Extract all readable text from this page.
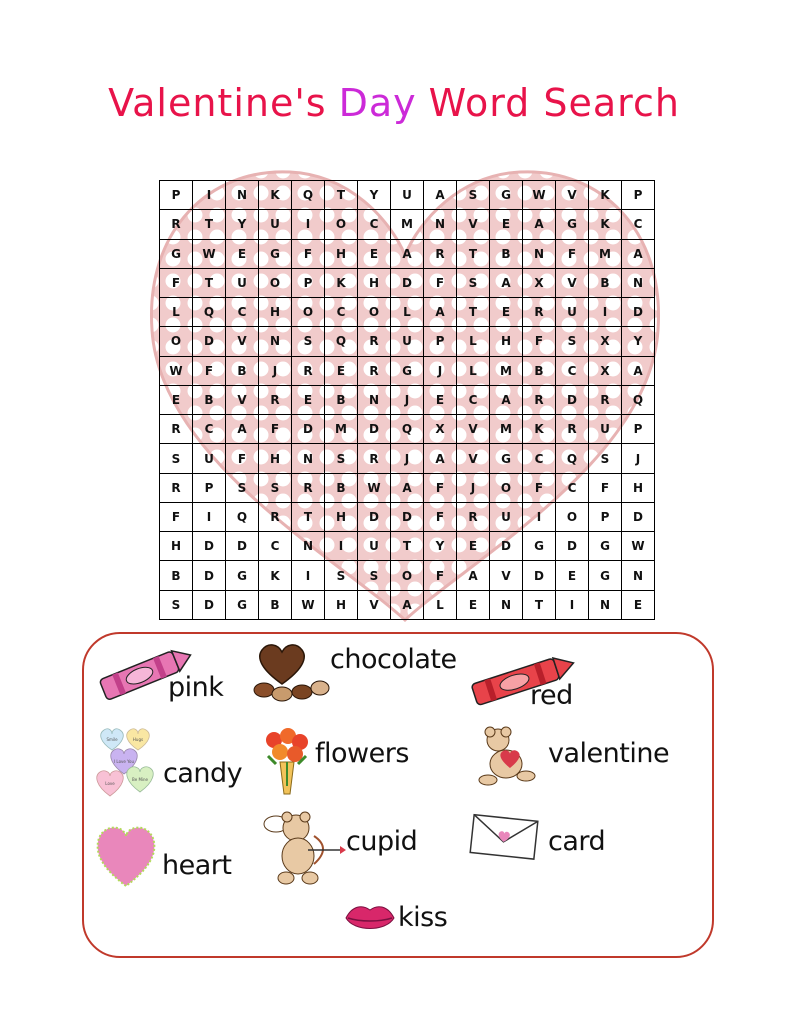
Valentine's Day Word Search
P	I	N	K	Q	T	Y	U	A	S	G	W	V	K	P
R	T	Y	U	I	O	C	M	N	V	E	A	G	K	C
G	W	E	G	F	H	E	A	R	T	B	N	F	M	A
F	T	U	O	P	K	H	D	F	S	A	X	V	B	N
L	Q	C	H	O	C	O	L	A	T	E	R	U	I	D
O	D	V	N	S	Q	R	U	P	L	H	F	S	X	Y
W	F	B	J	R	E	R	G	J	L	M	B	C	X	A
E	B	V	R	E	B	N	J	E	C	A	R	D	R	Q
R	C	A	F	D	M	D	Q	X	V	M	K	R	U	P
S	U	F	H	N	S	R	J	A	V	G	C	Q	S	J
R	P	S	S	R	B	W	A	F	J	O	F	C	F	H
F	I	Q	R	T	H	D	D	F	R	U	I	O	P	D
H	D	D	C	N	I	U	T	Y	E	D	G	D	G	W
B	D	G	K	I	S	S	O	F	A	V	D	E	G	N
S	D	G	B	W	H	V	A	L	E	N	T	I	N	E
pink
chocolate
red
Smile	Hugs
I Love You
Love
Be Mine candy
flowers	valentine
heart
cupid	card
kiss
